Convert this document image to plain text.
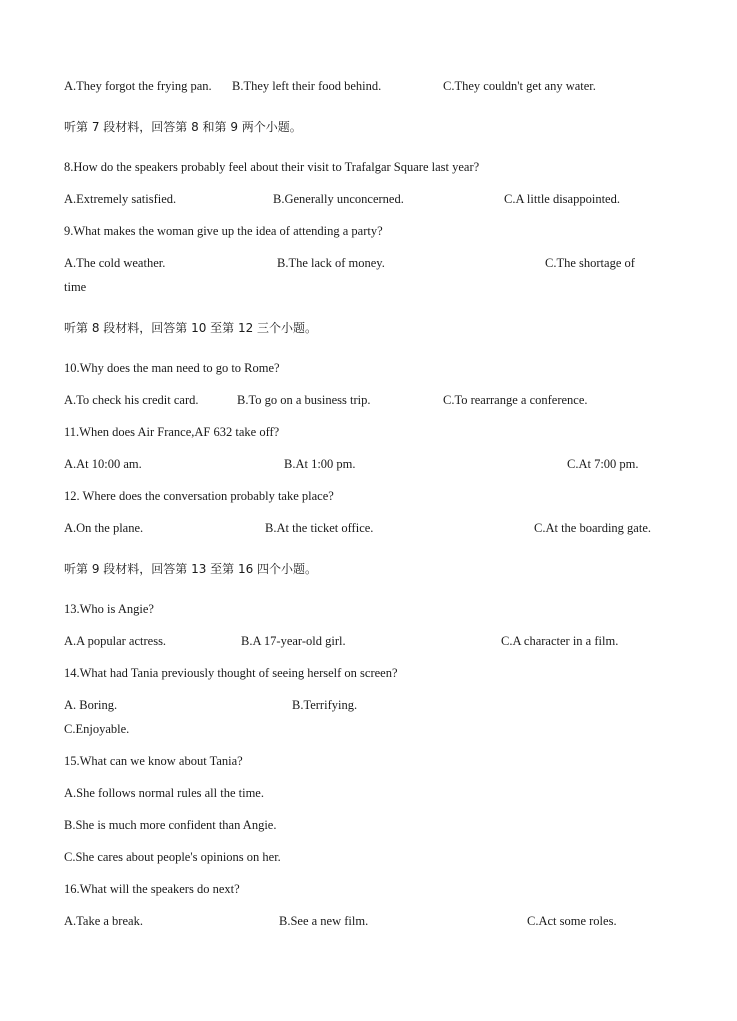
A.They forgot the frying pan. B.They left their food behind.	C.They couldn't get any water.
听第 7 段材料，回答第 8 和第 9 两个小题。
8.How do the speakers probably feel about their visit to Trafalgar Square last year?
A.Extremely satisfied.	B.Generally unconcerned.	C.A little disappointed.
9.What makes the woman give up the idea of attending a party?
A.The cold weather.	B.The lack of money.	C.The shortage of
time
听第 8 段材料，回答第 10 至第 12 三个小题。
10.Why does the man need to go to Rome?
A.To check his credit card.	B.To go on a business trip.	C.To rearrange a conference.
11.When does Air France,AF 632 take off?
A.At 10:00 am.	B.At 1:00 pm.	C.At 7:00 pm.
12. Where does the conversation probably take place?
A.On the plane.	B.At the ticket office.	C.At the boarding gate.
听第 9 段材料，回答第 13 至第 16 四个小题。
13.Who is Angie?
A.A popular actress.	B.A 17-year-old girl.	C.A character in a film.
14.What had Tania previously thought of seeing herself on screen?
A. Boring.	B.Terrifying.
C.Enjoyable.
15.What can we know about Tania?
A.She follows normal rules all the time.
B.She is much more confident than Angie.
C.She cares about people's opinions on her.
16.What will the speakers do next?
A.Take a break.	B.See a new film.	C.Act some roles.
